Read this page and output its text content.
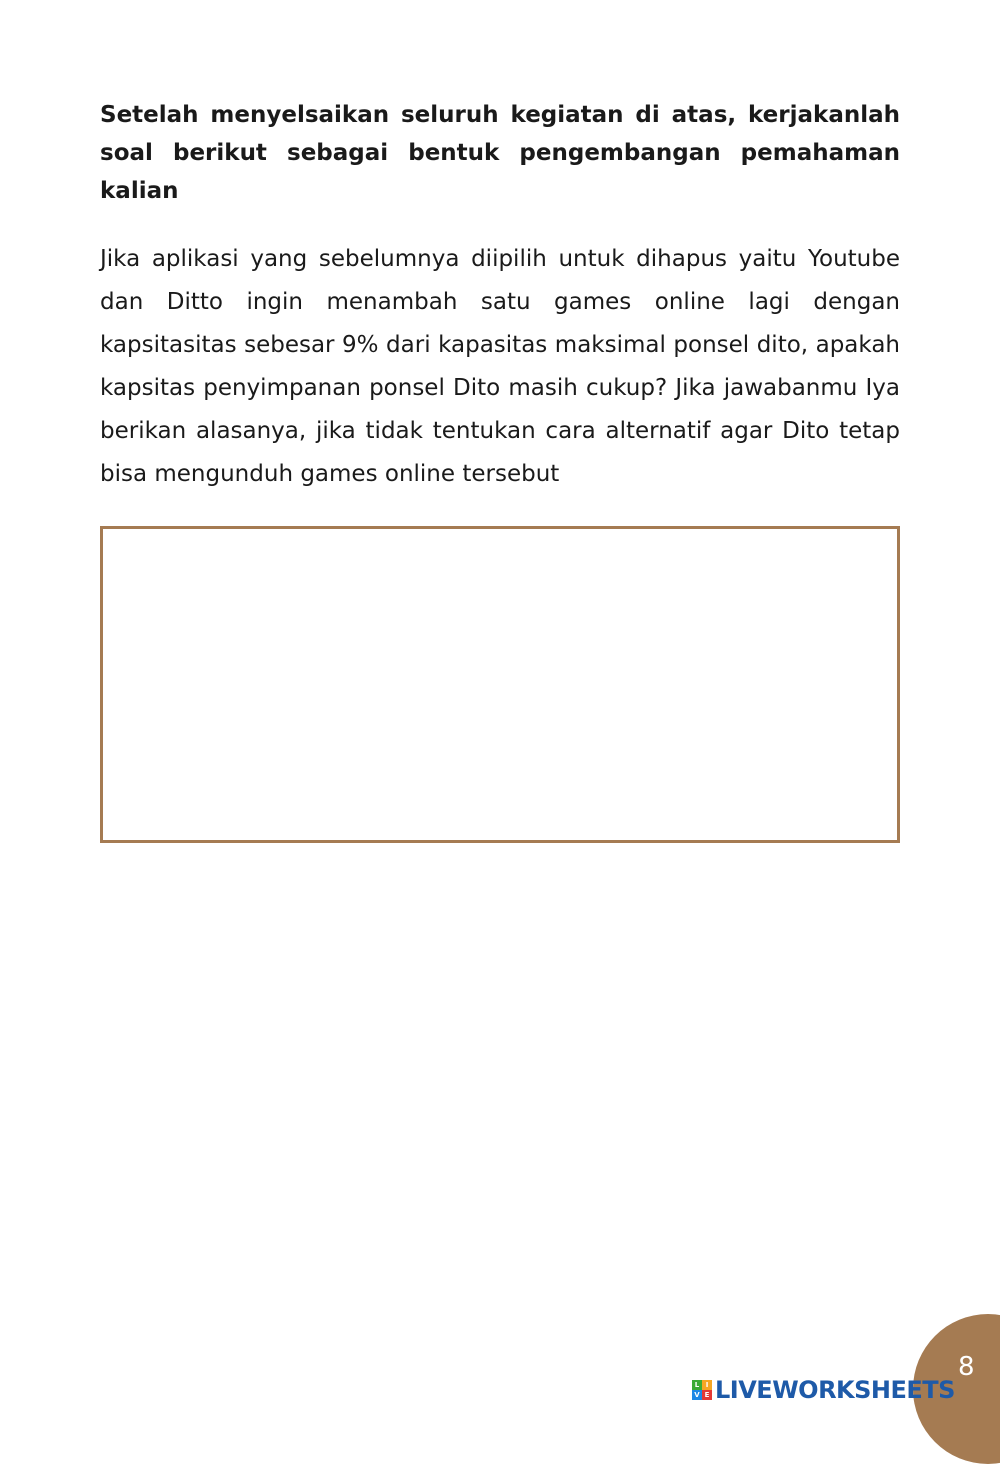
Setelah menyelsaikan seluruh kegiatan di atas, kerjakanlah soal berikut sebagai bentuk pengembangan pemahaman kalian

Jika aplikasi yang sebelumnya diipilih untuk dihapus yaitu Youtube dan Ditto ingin menambah satu games online lagi dengan kapsitasitas sebesar 9% dari kapasitas maksimal ponsel dito, apakah kapsitas penyimpanan ponsel Dito masih cukup? Jika jawabanmu Iya berikan alasanya, jika tidak tentukan cara alternatif agar Dito tetap bisa mengunduh games online tersebut

8
L I
V E LIVEWORKSHEETS
